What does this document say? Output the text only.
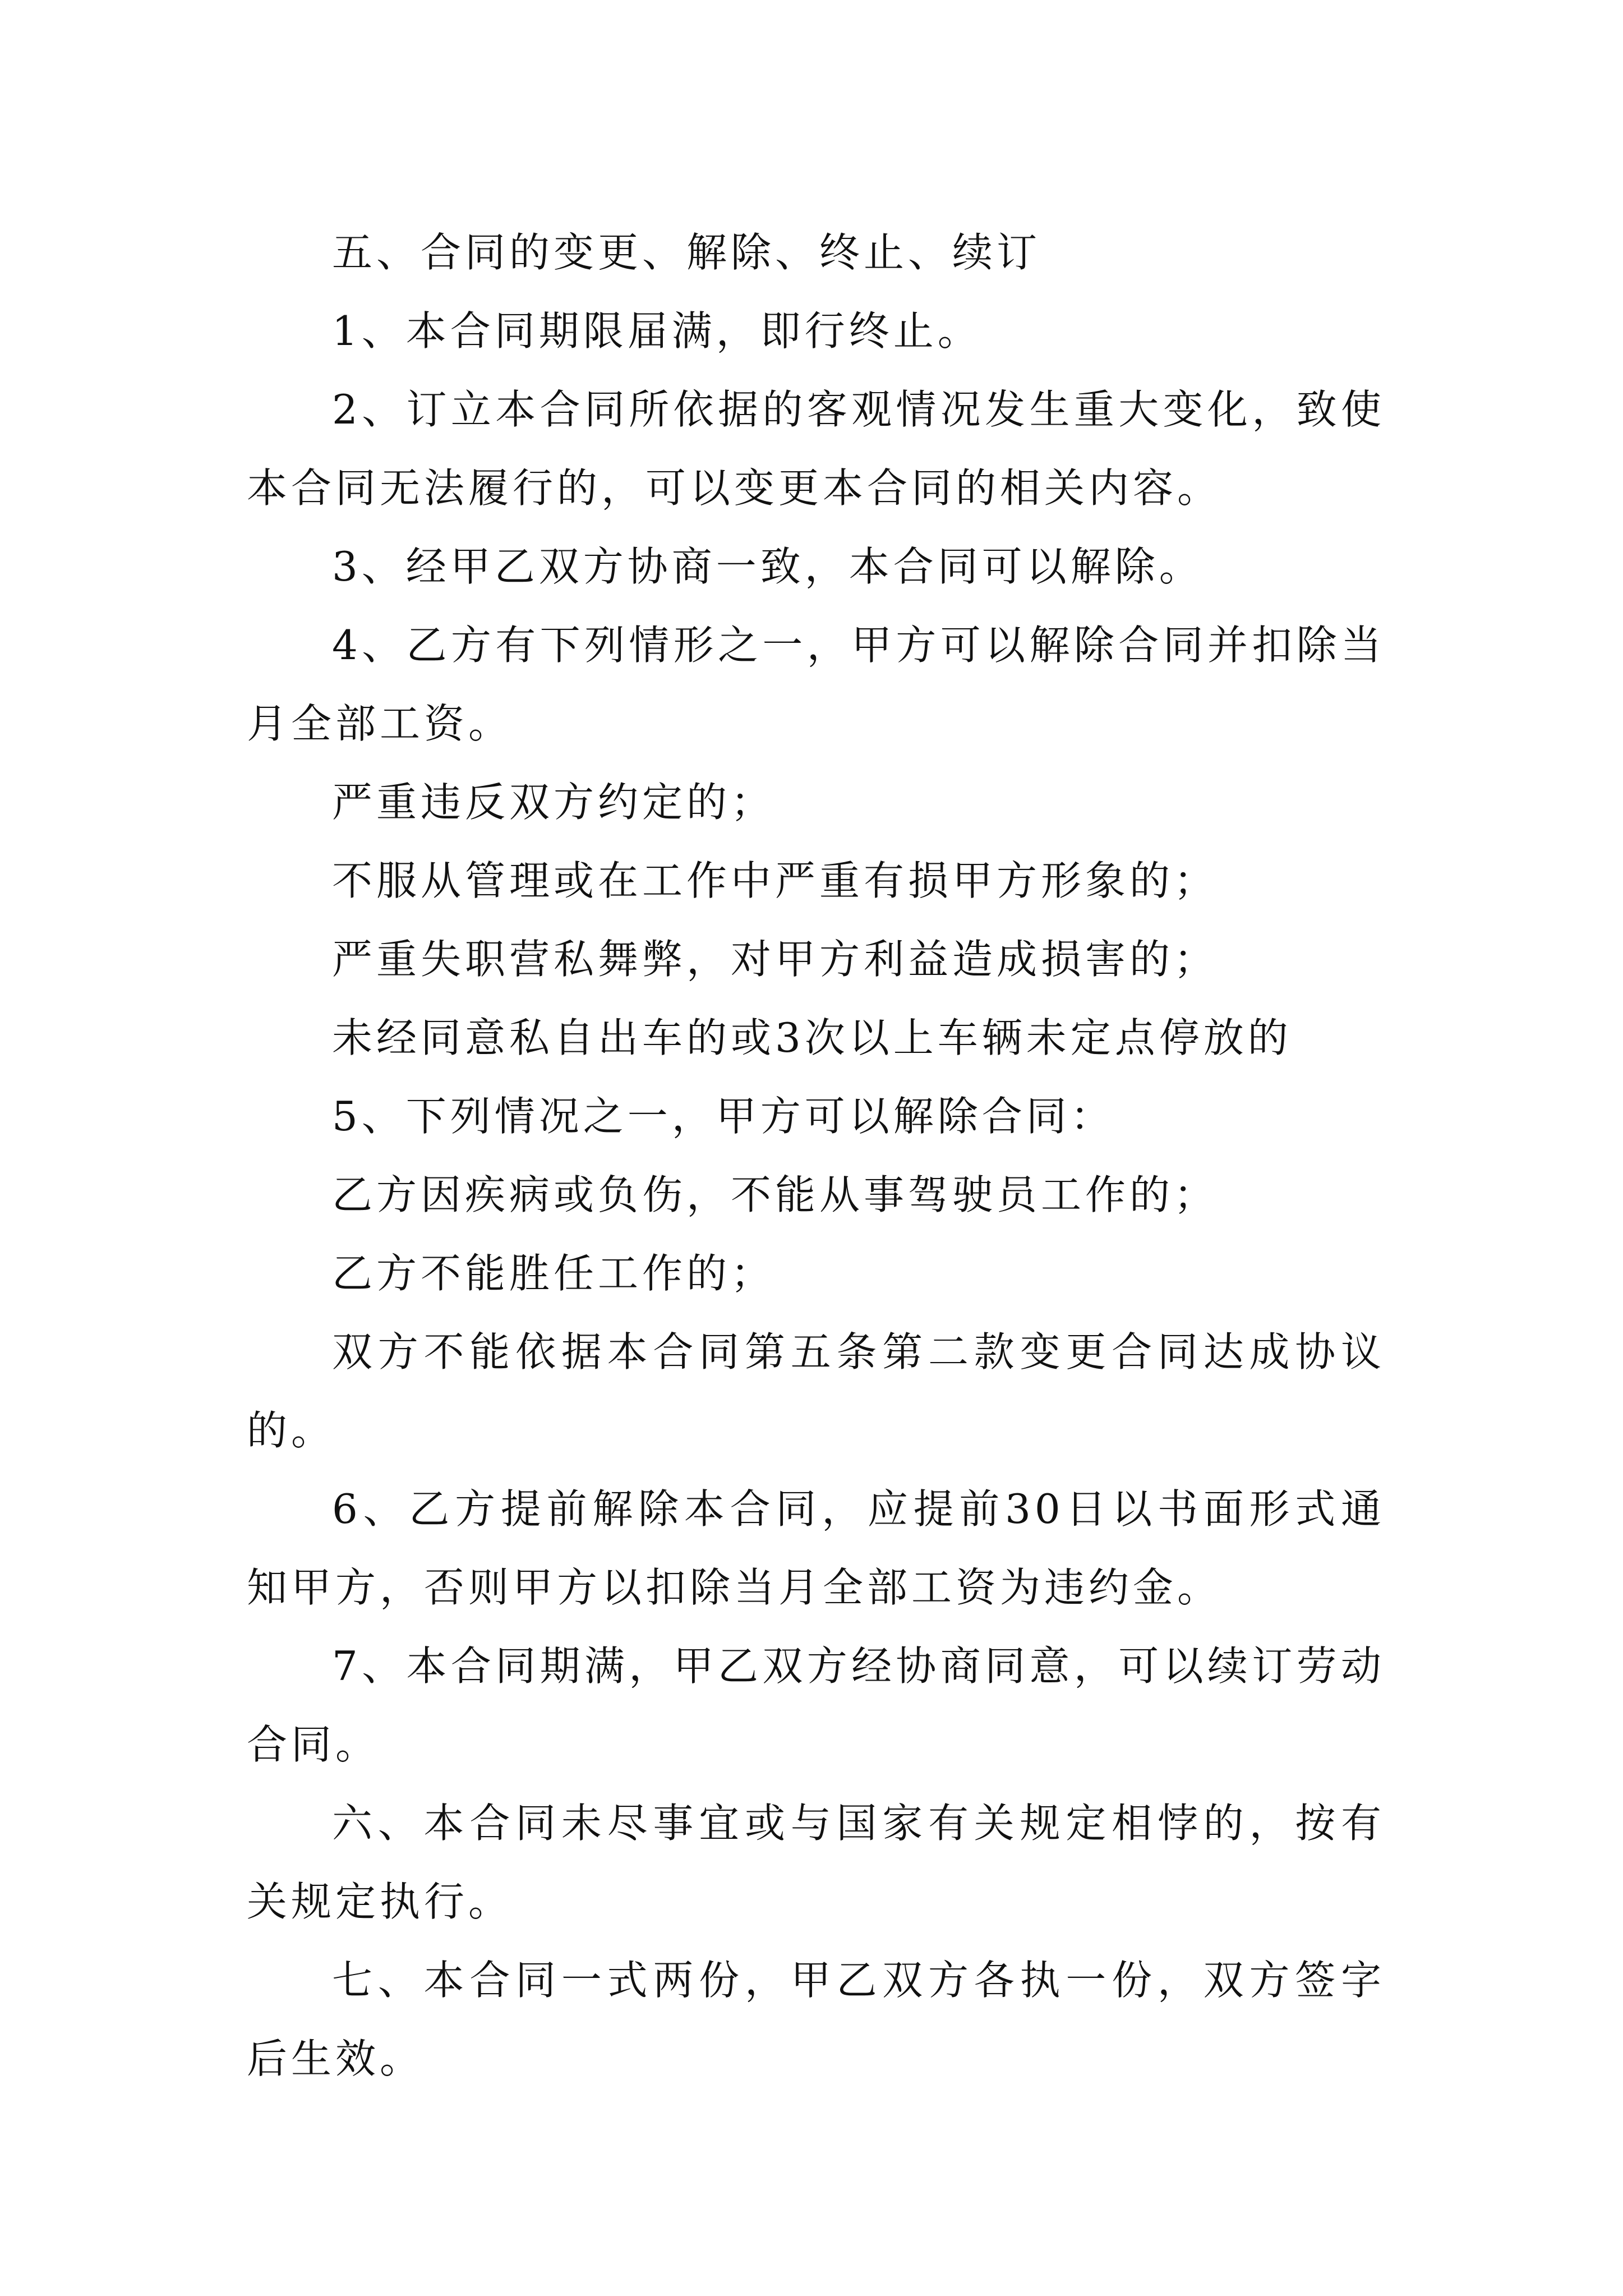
五、合同的变更、解除、终止、续订

1、本合同期限届满，即行终止。

2、订立本合同所依据的客观情况发生重大变化，致使本合同无法履行的，可以变更本合同的相关内容。

3、经甲乙双方协商一致，本合同可以解除。

4、乙方有下列情形之一，甲方可以解除合同并扣除当月全部工资。

严重违反双方约定的；

不服从管理或在工作中严重有损甲方形象的；

严重失职营私舞弊，对甲方利益造成损害的；

未经同意私自出车的或3次以上车辆未定点停放的

5、下列情况之一，甲方可以解除合同：

乙方因疾病或负伤，不能从事驾驶员工作的；

乙方不能胜任工作的；

双方不能依据本合同第五条第二款变更合同达成协议的。

6、乙方提前解除本合同，应提前30日以书面形式通知甲方，否则甲方以扣除当月全部工资为违约金。

7、本合同期满，甲乙双方经协商同意，可以续订劳动合同。

六、本合同未尽事宜或与国家有关规定相悖的，按有关规定执行。

七、本合同一式两份，甲乙双方各执一份，双方签字后生效。
